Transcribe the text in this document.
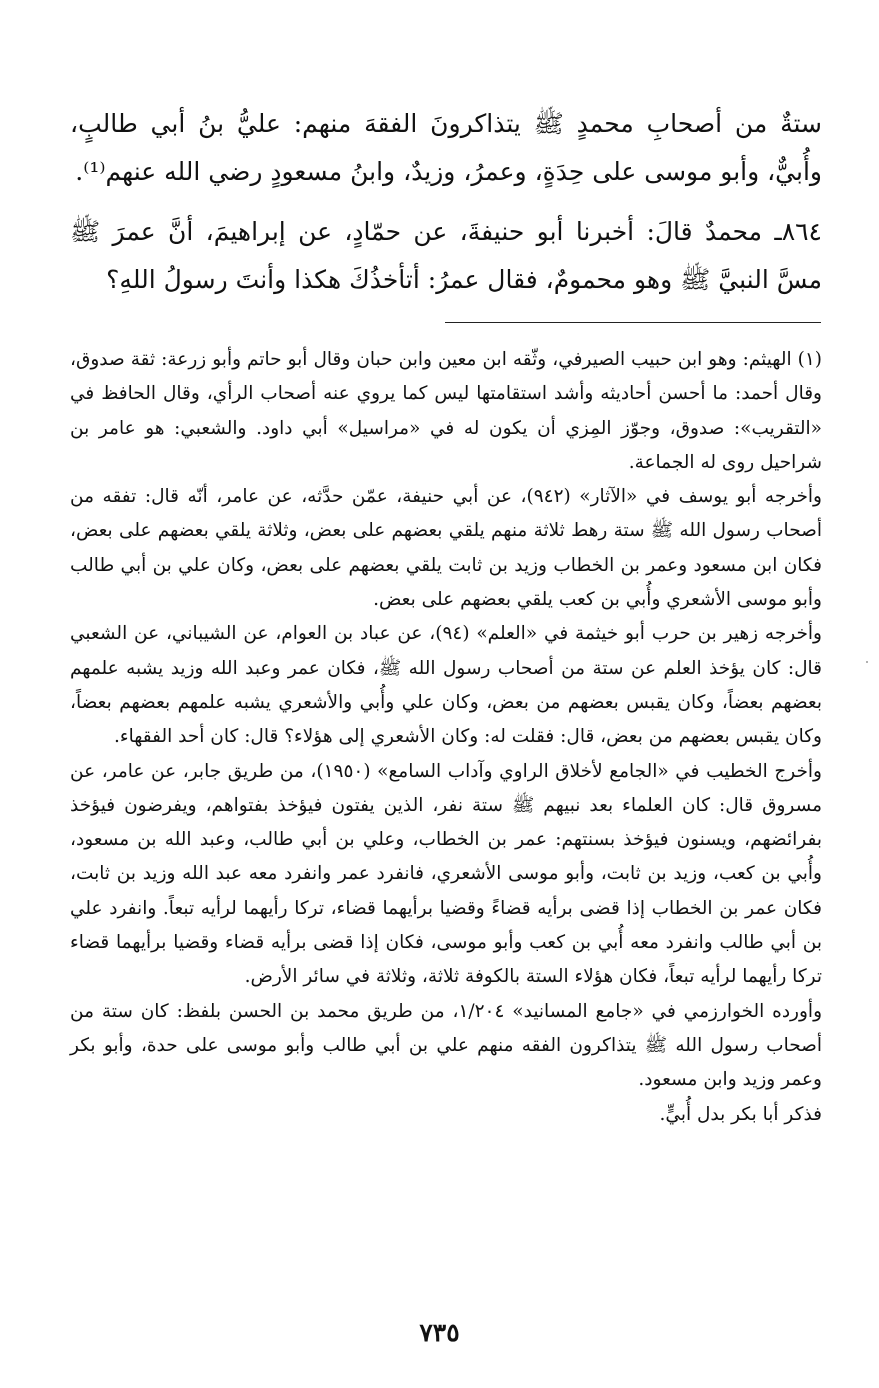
ستةٌ من أصحابِ محمدٍ ﷺ يتذاكرونَ الفقهَ منهم: عليُّ بنُ أبي طالبٍ، وأُبيٌّ، وأبو موسى على حِدَةٍ، وعمرُ، وزيدٌ، وابنُ مسعودٍ رضي الله عنهم⁽¹⁾.

٨٦٤ـ محمدٌ قالَ: أخبرنا أبو حنيفةَ، عن حمّادٍ، عن إبراهيمَ، أنَّ عمرَ ﷺ مسَّ النبيَّ ﷺ وهو محمومٌ، فقال عمرُ: أتأخذُكَ هكذا وأنتَ رسولُ اللهِ؟

(١) الهيثم: وهو ابن حبيب الصيرفي، وثّقه ابن معين وابن حبان وقال أبو حاتم وأبو زرعة: ثقة صدوق، وقال أحمد: ما أحسن أحاديثه وأشد استقامتها ليس كما يروي عنه أصحاب الرأي، وقال الحافظ في «التقريب»: صدوق، وجوّز المِزي أن يكون له في «مراسيل» أبي داود. والشعبي: هو عامر بن شراحيل روى له الجماعة.

وأخرجه أبو يوسف في «الآثار» (٩٤٢)، عن أبي حنيفة، عمّن حدَّثه، عن عامر، أنّه قال: تفقه من أصحاب رسول الله ﷺ ستة رهط ثلاثة منهم يلقي بعضهم على بعض، وثلاثة يلقي بعضهم على بعض، فكان ابن مسعود وعمر بن الخطاب وزيد بن ثابت يلقي بعضهم على بعض، وكان علي بن أبي طالب وأبو موسى الأشعري وأُبي بن كعب يلقي بعضهم على بعض.

وأخرجه زهير بن حرب أبو خيثمة في «العلم» (٩٤)، عن عباد بن العوام، عن الشيباني، عن الشعبي قال: كان يؤخذ العلم عن ستة من أصحاب رسول الله ﷺ، فكان عمر وعبد الله وزيد يشبه علمهم بعضهم بعضاً، وكان يقبس بعضهم من بعض، وكان علي وأُبي والأشعري يشبه علمهم بعضهم بعضاً، وكان يقبس بعضهم من بعض، قال: فقلت له: وكان الأشعري إلى هؤلاء؟ قال: كان أحد الفقهاء.

وأخرج الخطيب في «الجامع لأخلاق الراوي وآداب السامع» (١٩٥٠)، من طريق جابر، عن عامر، عن مسروق قال: كان العلماء بعد نبيهم ﷺ ستة نفر، الذين يفتون فيؤخذ بفتواهم، ويفرضون فيؤخذ بفرائضهم، ويسنون فيؤخذ بسنتهم: عمر بن الخطاب، وعلي بن أبي طالب، وعبد الله بن مسعود، وأُبي بن كعب، وزيد بن ثابت، وأبو موسى الأشعري، فانفرد عمر وانفرد معه عبد الله وزيد بن ثابت، فكان عمر بن الخطاب إذا قضى برأيه قضاءً وقضيا برأيهما قضاء، تركا رأيهما لرأيه تبعاً. وانفرد علي بن أبي طالب وانفرد معه أُبي بن كعب وأبو موسى، فكان إذا قضى برأيه قضاء وقضيا برأيهما قضاء تركا رأيهما لرأيه تبعاً، فكان هؤلاء الستة بالكوفة ثلاثة، وثلاثة في سائر الأرض.

وأورده الخوارزمي في «جامع المسانيد» ١/٢٠٤، من طريق محمد بن الحسن بلفظ: كان ستة من أصحاب رسول الله ﷺ يتذاكرون الفقه منهم علي بن أبي طالب وأبو موسى على حدة، وأبو بكر وعمر وزيد وابن مسعود.

فذكر أبا بكر بدل أُبيٍّ.

٧٣٥
